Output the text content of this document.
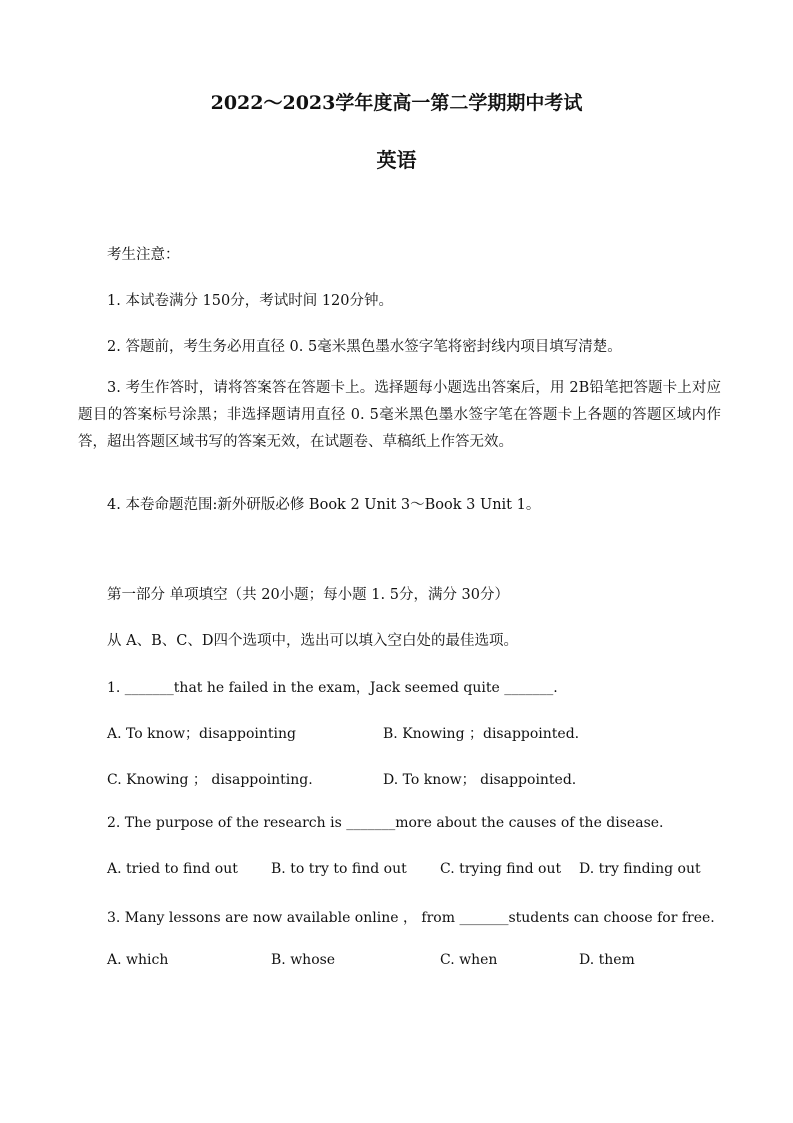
2022～2023学年度高一第二学期期中考试
英语
考生注意：
1. 本试卷满分 150分，考试时间 120分钟。
2. 答题前，考生务必用直径 0. 5毫米黑色墨水签字笔将密封线内项目填写清楚。
3. 考生作答时，请将答案答在答题卡上。选择题每小题选出答案后，用 2B铅笔把答题卡上对应题目的答案标号涂黑；非选择题请用直径 0. 5毫米黑色墨水签字笔在答题卡上各题的答题区域内作答，超出答题区域书写的答案无效，在试题卷、草稿纸上作答无效。
4. 本卷命题范围:新外研版必修 Book 2 Unit 3～Book 3 Unit 1。
第一部分 单项填空（共 20小题；每小题 1. 5分，满分 30分）
从 A、B、C、D四个选项中，选出可以填入空白处的最佳选项。
1. _______that he failed in the exam，Jack seemed quite _______.
A. To know；disappointing	B. Knowing ；disappointed.
C. Knowing ； disappointing.	D. To know； disappointed.
2. The purpose of the research is _______more about the causes of the disease.
A. tried to find out B. to try to find out C. trying find out D. try finding out
3. Many lessons are now available online ， from _______students can choose for free.
A. which	B. whose	C. when	D. them
